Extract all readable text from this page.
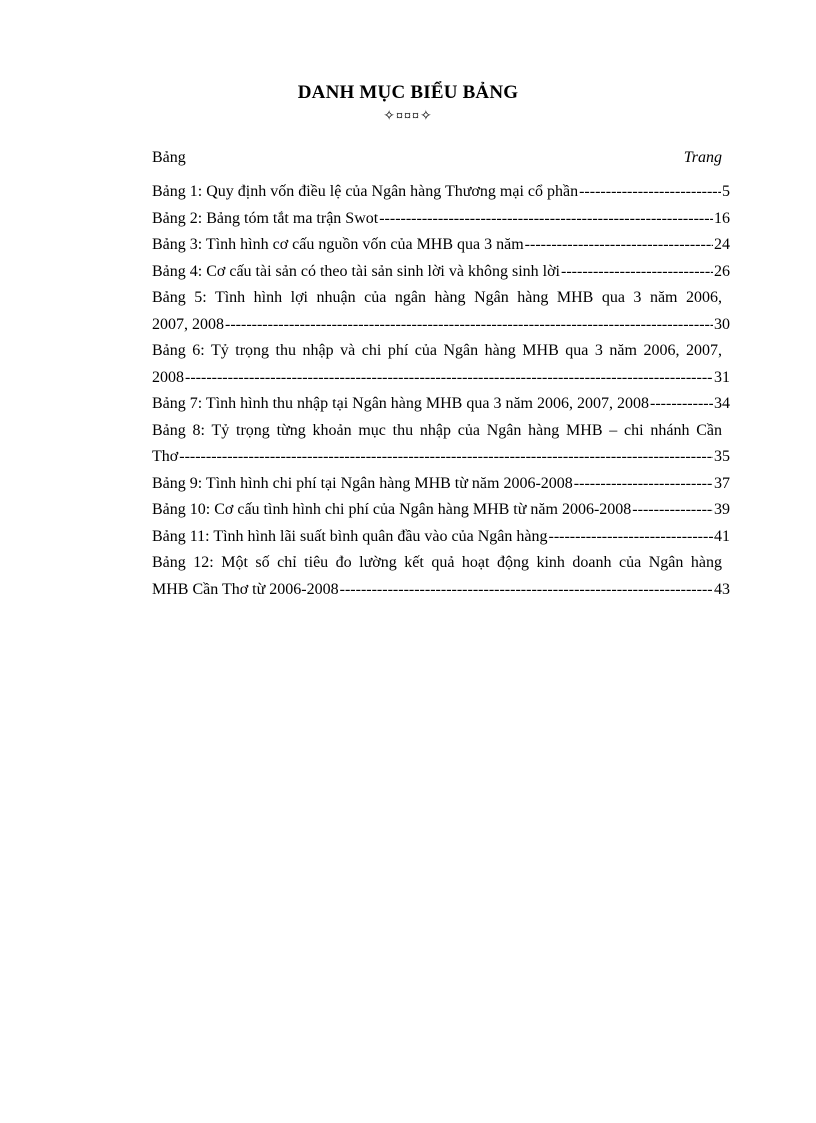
DANH MỤC BIỂU BẢNG
✧¤¤¤✧
Bảng	Trang
Bảng 1: Quy định vốn điều lệ của Ngân hàng Thương mại cổ phần -----	5
Bảng 2: Bảng tóm tắt ma trận Swot -----	16
Bảng 3: Tình hình cơ cấu nguồn vốn của MHB qua 3 năm -----	24
Bảng 4: Cơ cấu tài sản có theo tài sản sinh lời và không sinh lời -----	26
Bảng 5: Tình hình lợi nhuận của ngân hàng Ngân hàng MHB qua 3 năm 2006,
2007, 2008 -----	30
Bảng 6: Tỷ trọng thu nhập và chi phí của Ngân hàng MHB qua 3 năm 2006, 2007,
2008 -----	31
Bảng 7: Tình hình thu nhập tại Ngân hàng MHB qua 3 năm 2006, 2007, 2008 -----	34
Bảng 8: Tỷ trọng từng khoản mục thu nhập của Ngân hàng MHB – chi nhánh Cần
Thơ -----	35
Bảng 9: Tình hình chi phí tại Ngân hàng MHB từ năm 2006-2008 -----	37
Bảng 10: Cơ cấu tình hình chi phí của Ngân hàng MHB từ năm 2006-2008 -----	39
Bảng 11: Tình hình lãi suất bình quân đầu vào của Ngân hàng -----	41
Bảng 12: Một số chỉ tiêu đo lường kết quả hoạt động kinh doanh của Ngân hàng
MHB Cần Thơ từ 2006-2008 -----	43
